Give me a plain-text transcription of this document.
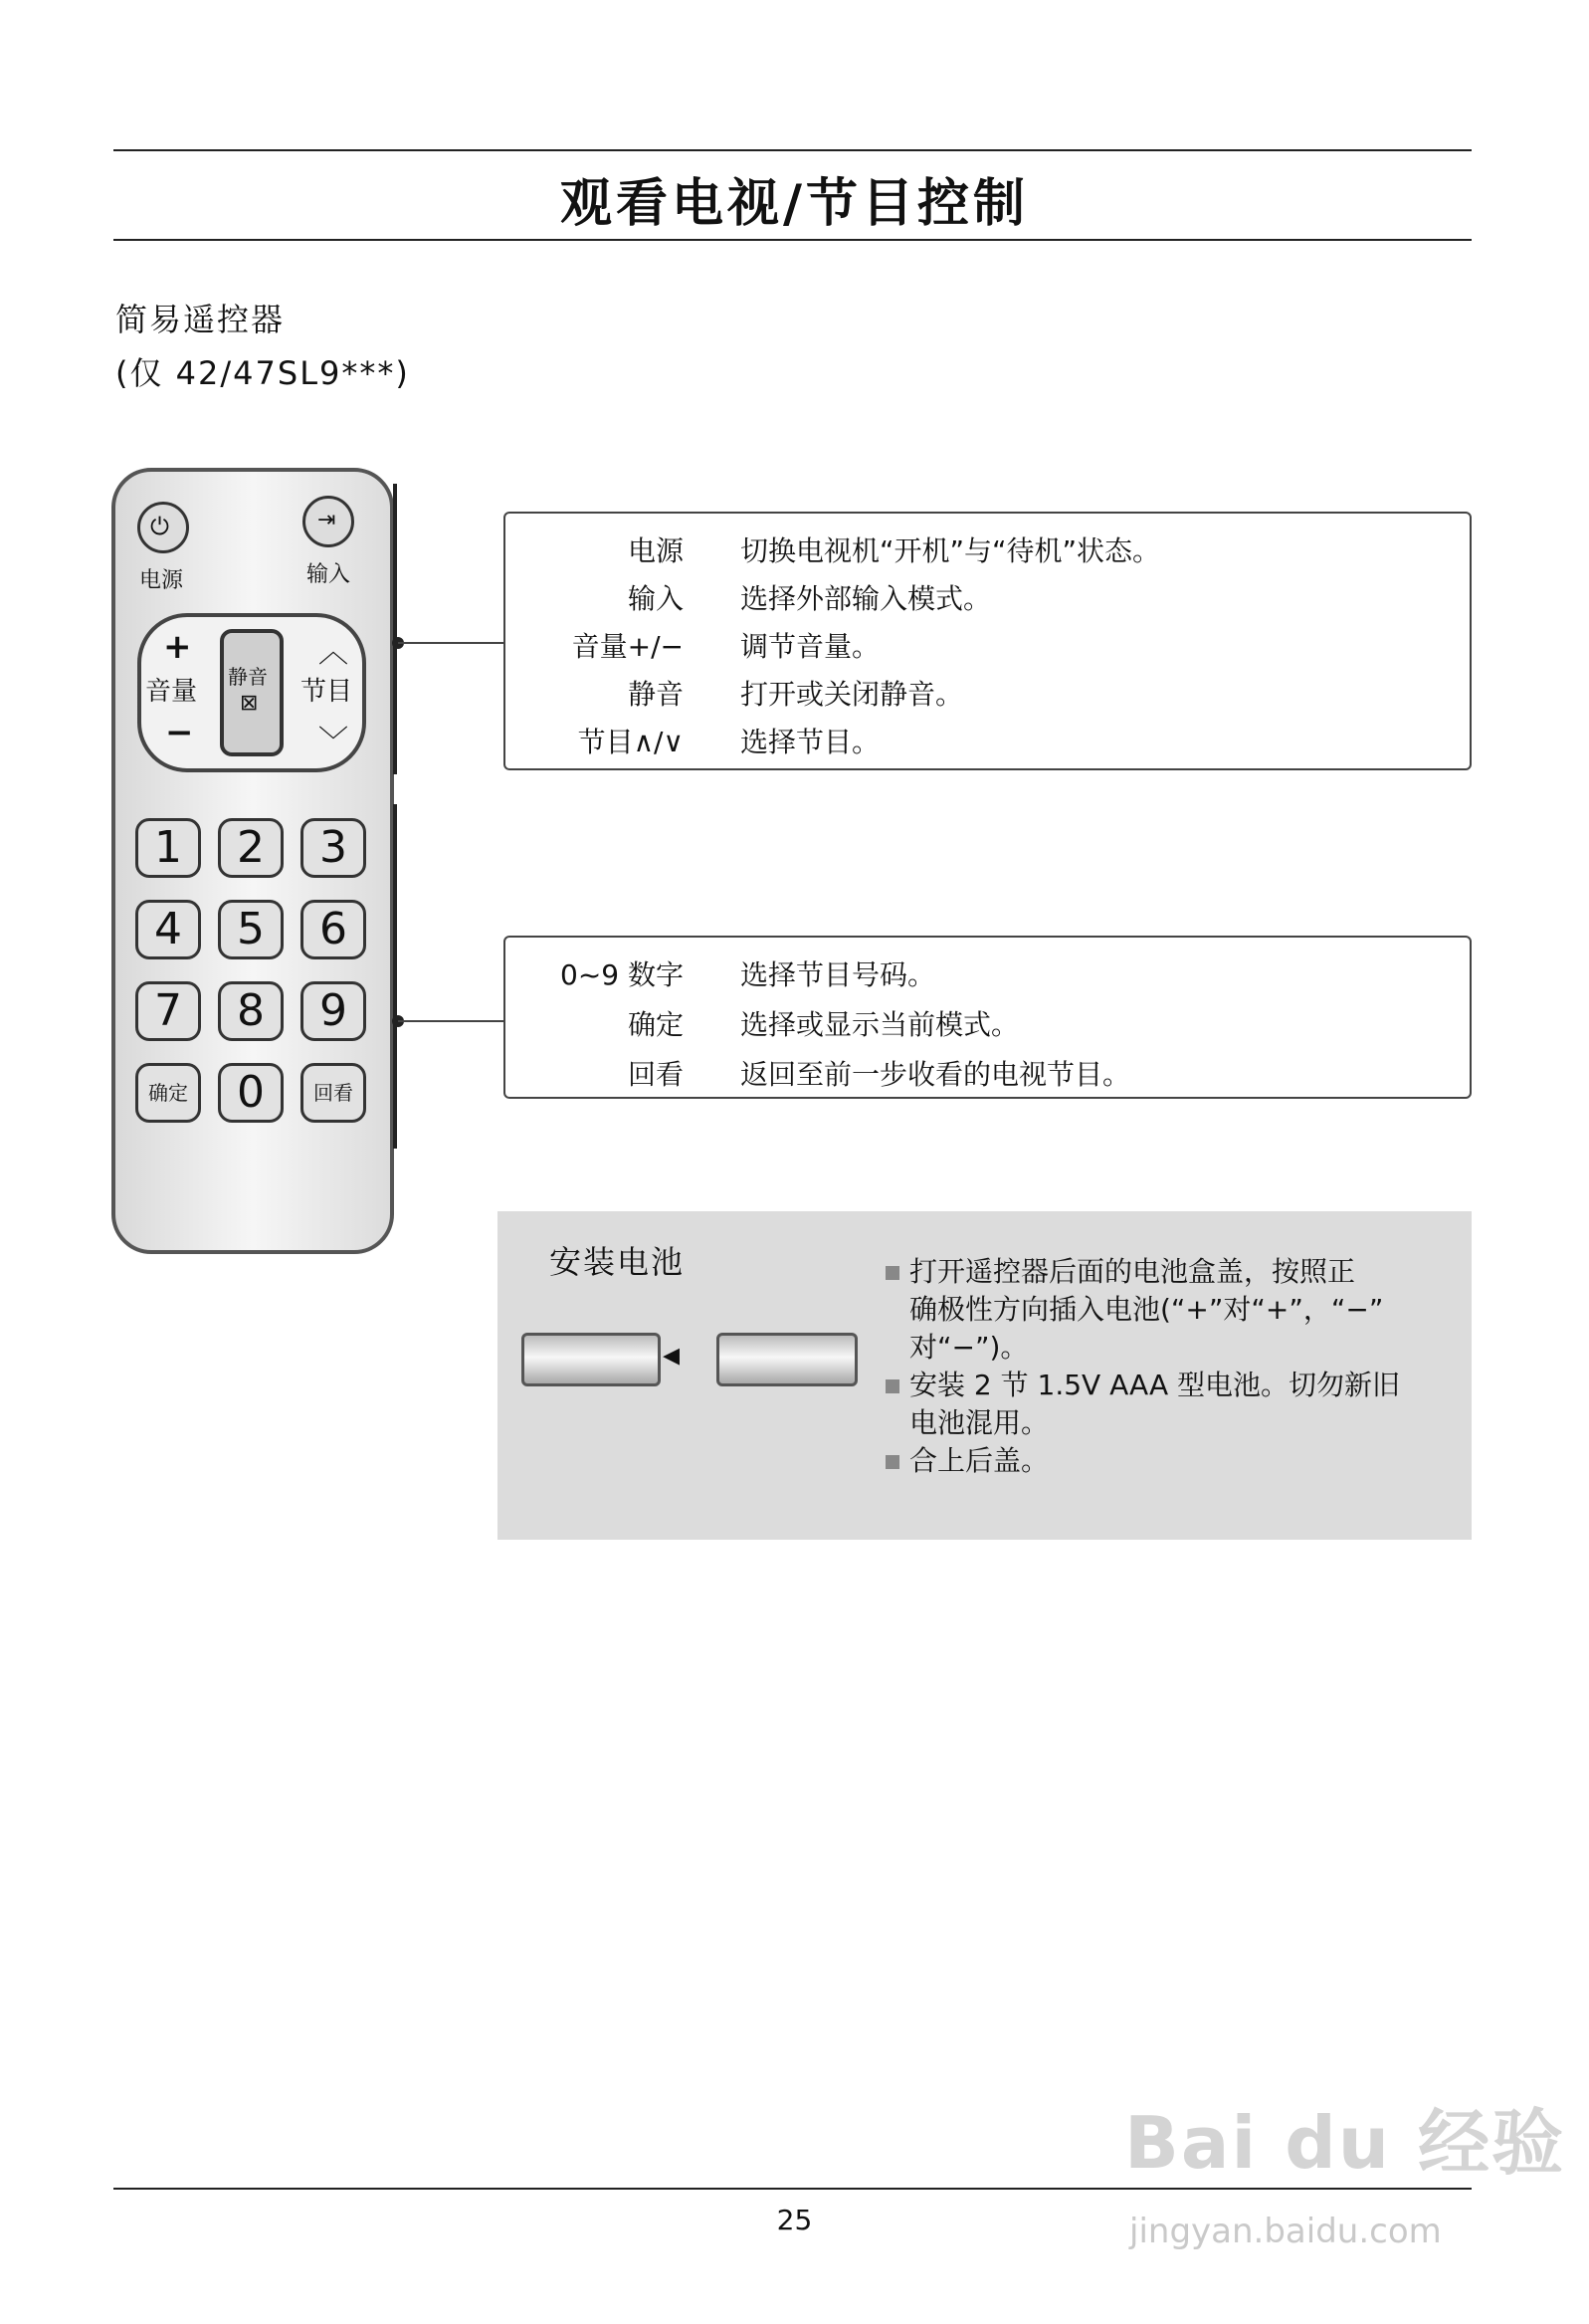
观看电视/节目控制
简易遥控器
(仅 42/47SL9***)
⏻
电源
⇥
输入
+
音量
−
静音
⊠
︿
节目
﹀
1	2	3
4	5	6
7	8	9
确定	0	回看
电源 切换电视机“开机”与“待机”状态。
输入 选择外部输入模式。
音量+/− 调节音量。
静音 打开或关闭静音。
节目∧/∨ 选择节目。
0~9 数字 选择节目号码。
确定 选择或显示当前模式。
回看 返回至前一步收看的电视节目。
安装电池
◂
打开遥控器后面的电池盒盖，按照正
确极性方向插入电池(“+”对“+”，“−”
对“−”)。
安装 2 节 1.5V AAA 型电池。切勿新旧
电池混用。
合上后盖。
25
Bai du 经验
jingyan.baidu.com
